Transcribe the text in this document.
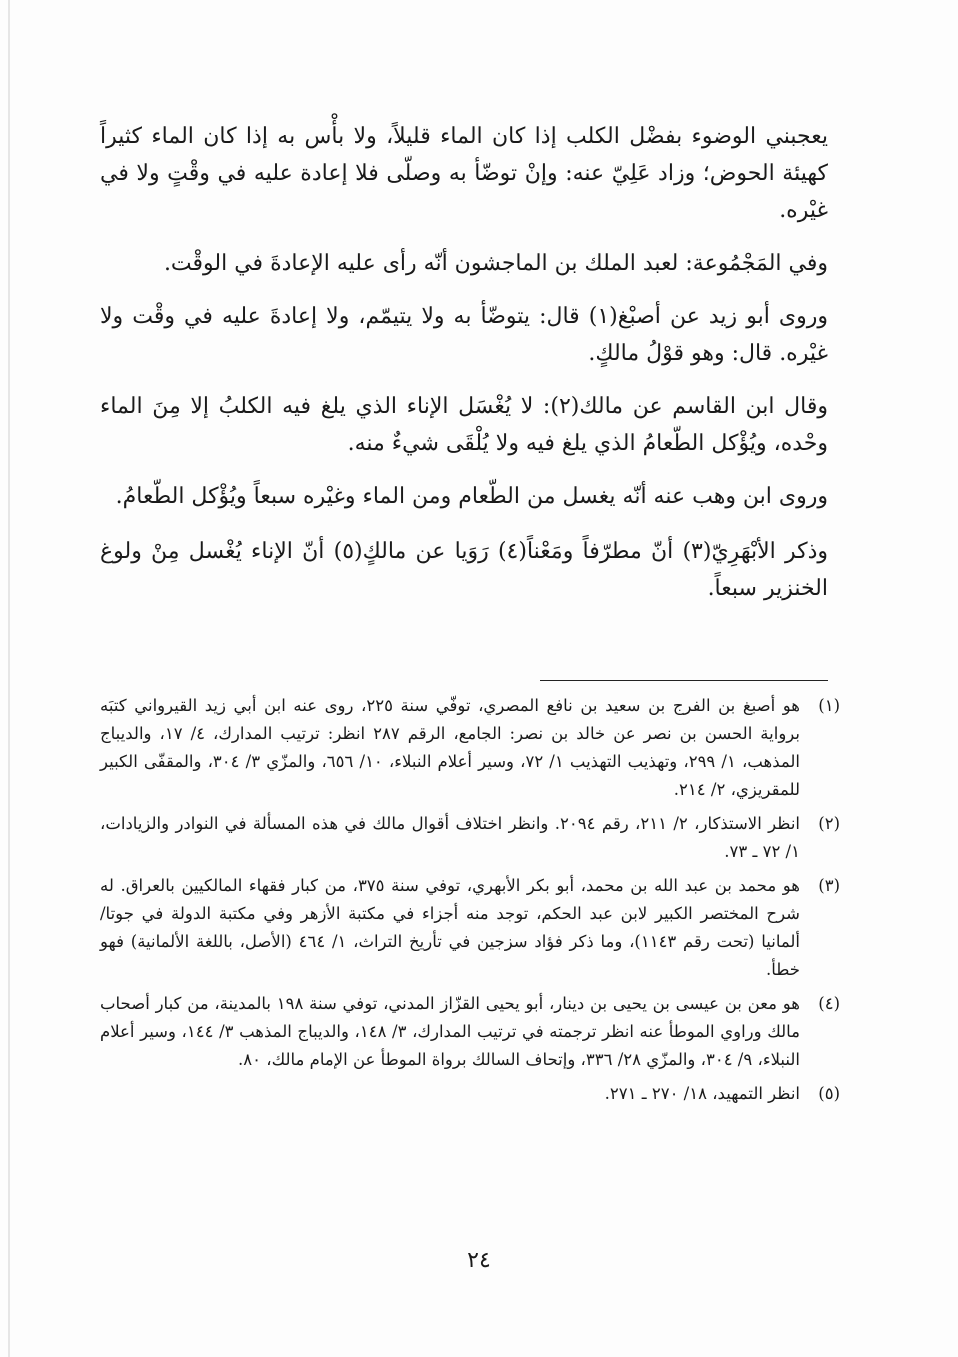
يعجبني الوضوء بفضْل الكلب إذا كان الماء قليلاً، ولا بأْس به إذا كان الماء كثيراً كهيئة الحوض؛ وزاد عَلِيّ عنه: وإنْ توضّأ به وصلّى فلا إعادة عليه في وقْتٍ ولا في غيْره.

وفي المَجْمُوعة: لعبد الملك بن الماجشون أنّه رأى عليه الإعادةَ في الوقْت.

وروى أبو زيد عن أصبْغ(١) قال: يتوضّأ به ولا يتيمّم، ولا إعادةَ عليه في وقْت ولا غيْره. قال: وهو قوْلُ مالكٍ.

وقال ابن القاسم عن مالك(٢): لا يُغْسَل الإناء الذي يلغ فيه الكلبُ إلا مِنَ الماء وحْده، ويُؤْكل الطّعامُ الذي يلغ فيه ولا يُلْقَى شيءٌ منه.

وروى ابن وهب عنه أنّه يغسل من الطّعام ومن الماء وغيْره سبعاً ويُؤْكل الطّعامُ.

وذكر الأبْهَرِيّ(٣) أنّ مطرّفاً ومَعْناً(٤) رَوَيا عن مالكٍ(٥) أنّ الإناء يُغْسل مِنْ ولوغ الخنزير سبعاً.

(١)
هو أصبغ بن الفرج بن سعيد بن نافع المصري، توفّي سنة ٢٢٥، روى عنه ابن أبي زيد القيرواني كتبَه برواية الحسن بن نصر عن خالد بن نصر: الجامع، الرقم ٢٨٧ انظر: ترتيب المدارك، ٤/ ١٧، والديباج المذهب، ١/ ٢٩٩، وتهذيب التهذيب ١/ ٧٢، وسير أعلام النبلاء، ١٠/ ٦٥٦، والمزّي ٣/ ٣٠٤، والمقفّى الكبير للمقريزي، ٢/ ٢١٤.
(٢)
انظر الاستذكار، ٢/ ٢١١، رقم ٢٠٩٤. وانظر اختلاف أقوال مالك في هذه المسألة في النوادر والزيادات، ١/ ٧٢ ـ ٧٣.
(٣)
هو محمد بن عبد الله بن محمد، أبو بكر الأبهري، توفي سنة ٣٧٥، من كبار فقهاء المالكيين بالعراق. له شرح المختصر الكبير لابن عبد الحكم، توجد منه أجزاء في مكتبة الأزهر وفي مكتبة الدولة في جوتا/ ألمانيا (تحت رقم ١١٤٣)، وما ذكر فؤاد سزجين في تأريخ التراث، ١/ ٤٦٤ (الأصل، باللغة الألمانية) فهو خطأ.
(٤)
هو معن بن عيسى بن يحيى بن دينار، أبو يحيى القزّاز المدني، توفي سنة ١٩٨ بالمدينة، من كبار أصحاب مالك وراوي الموطأ عنه انظر ترجمته في ترتيب المدارك، ٣/ ١٤٨، والديباج المذهب ٣/ ١٤٤، وسير أعلام النبلاء، ٩/ ٣٠٤، والمزّي ٢٨/ ٣٣٦، وإتحاف السالك برواة الموطأ عن الإمام مالك، ٨٠.
(٥)
انظر التمهيد، ١٨/ ٢٧٠ ـ ٢٧١.
٢٤
